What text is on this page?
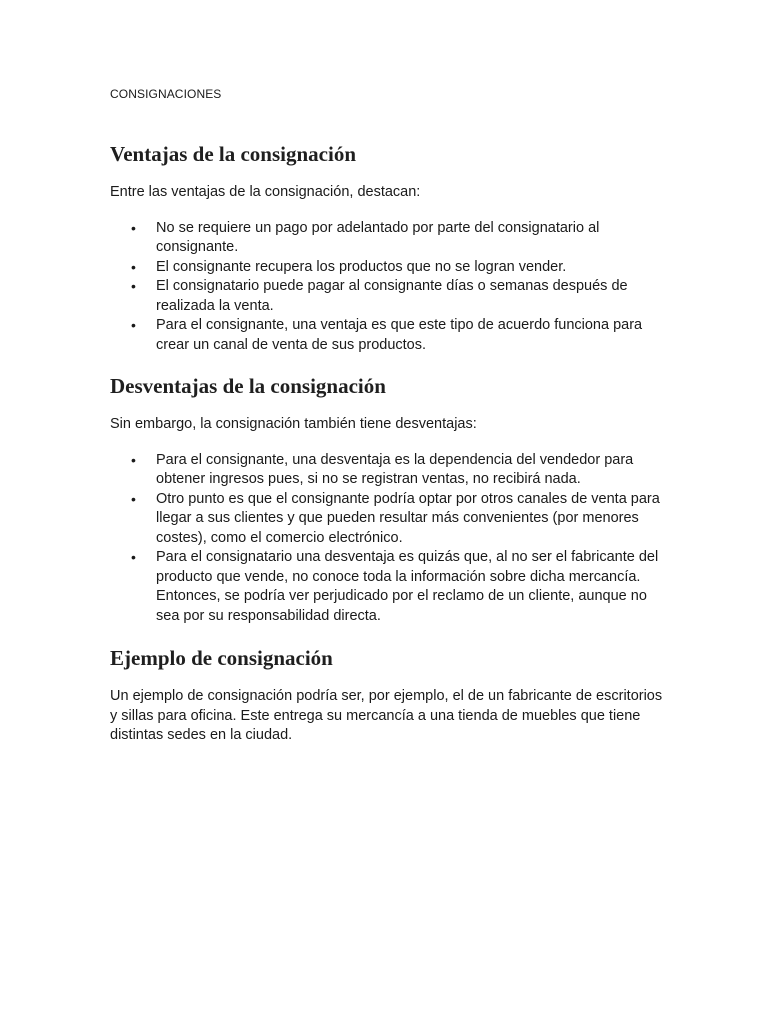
CONSIGNACIONES

Ventajas de la consignación

Entre las ventajas de la consignación, destacan:

• No se requiere un pago por adelantado por parte del consignatario al consignante.
• El consignante recupera los productos que no se logran vender.
• El consignatario puede pagar al consignante días o semanas después de realizada la venta.
• Para el consignante, una ventaja es que este tipo de acuerdo funciona para crear un canal de venta de sus productos.
Desventajas de la consignación

Sin embargo, la consignación también tiene desventajas:

• Para el consignante, una desventaja es la dependencia del vendedor para obtener ingresos pues, si no se registran ventas, no recibirá nada.
• Otro punto es que el consignante podría optar por otros canales de venta para llegar a sus clientes y que pueden resultar más convenientes (por menores costes), como el comercio electrónico.
• Para el consignatario una desventaja es quizás que, al no ser el fabricante del producto que vende, no conoce toda la información sobre dicha mercancía. Entonces, se podría ver perjudicado por el reclamo de un cliente, aunque no sea por su responsabilidad directa.
Ejemplo de consignación

Un ejemplo de consignación podría ser, por ejemplo, el de un fabricante de escritorios y sillas para oficina. Este entrega su mercancía a una tienda de muebles que tiene distintas sedes en la ciudad.
